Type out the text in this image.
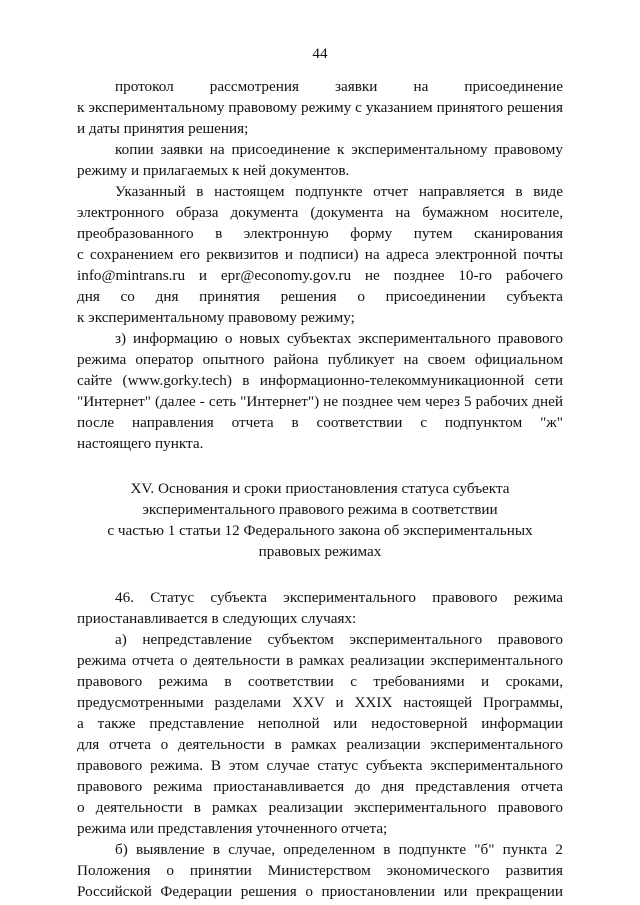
44
протокол рассмотрения заявки на присоединение
к экспериментальному правовому режиму с указанием принятого решения
и даты принятия решения;
копии заявки на присоединение к экспериментальному правовому
режиму и прилагаемых к ней документов.
Указанный в настоящем подпункте отчет направляется в виде
электронного образа документа (документа на бумажном носителе,
преобразованного в электронную форму путем сканирования
с сохранением его реквизитов и подписи) на адреса электронной почты
info@mintrans.ru и epr@economy.gov.ru не позднее 10-го рабочего
дня со дня принятия решения о присоединении субъекта
к экспериментальному правовому режиму;
з) информацию о новых субъектах экспериментального правового
режима оператор опытного района публикует на своем официальном
сайте (www.gorky.tech) в информационно-телекоммуникационной сети
"Интернет" (далее - сеть "Интернет") не позднее чем через 5 рабочих дней
после направления отчета в соответствии с подпунктом "ж"
настоящего пункта.

XV. Основания и сроки приостановления статуса субъекта
экспериментального правового режима в соответствии
с частью 1 статьи 12 Федерального закона об экспериментальных
правовых режимах

46. Статус субъекта экспериментального правового режима
приостанавливается в следующих случаях:
а) непредставление субъектом экспериментального правового
режима отчета о деятельности в рамках реализации экспериментального
правового режима в соответствии с требованиями и сроками,
предусмотренными разделами XXV и XXIX настоящей Программы,
а также представление неполной или недостоверной информации
для отчета о деятельности в рамках реализации экспериментального
правового режима. В этом случае статус субъекта экспериментального
правового режима приостанавливается до дня представления отчета
о деятельности в рамках реализации экспериментального правового
режима или представления уточненного отчета;
б) выявление в случае, определенном в подпункте "б" пункта 2
Положения о принятии Министерством экономического развития
Российской Федерации решения о приостановлении или прекращении
